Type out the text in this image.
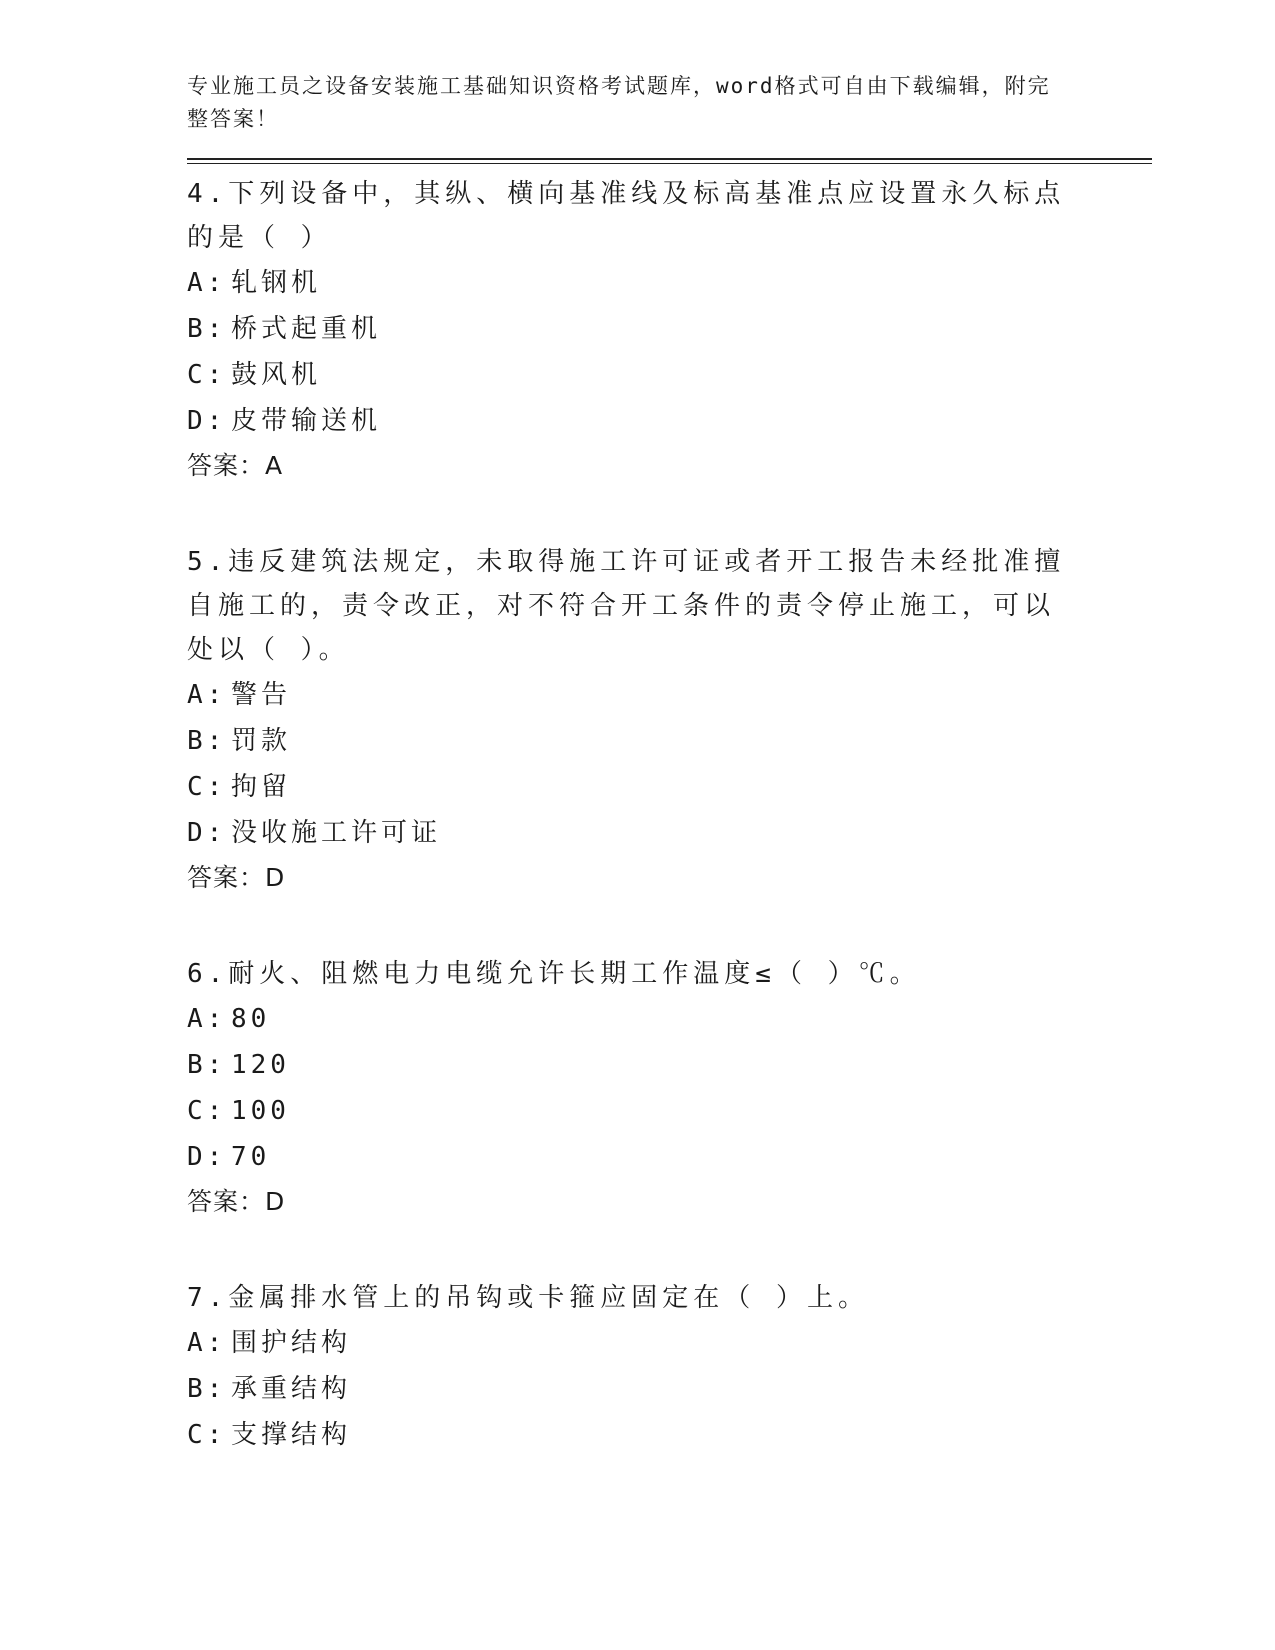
专业施工员之设备安装施工基础知识资格考试题库，word格式可自由下载编辑，附完整答案！
4.下列设备中，其纵、横向基准线及标高基准点应设置永久标点的是（ ）
A: 轧钢机
B: 桥式起重机
C: 鼓风机
D: 皮带输送机
答案：A
5.违反建筑法规定，未取得施工许可证或者开工报告未经批准擅自施工的，责令改正，对不符合开工条件的责令停止施工，可以处以（ ）。
A: 警告
B: 罚款
C: 拘留
D: 没收施工许可证
答案：D
6.耐火、阻燃电力电缆允许长期工作温度≤（ ）℃。
A: 80
B: 120
C: 100
D: 70
答案：D
7.金属排水管上的吊钩或卡箍应固定在（ ）上。
A: 围护结构
B: 承重结构
C: 支撑结构
